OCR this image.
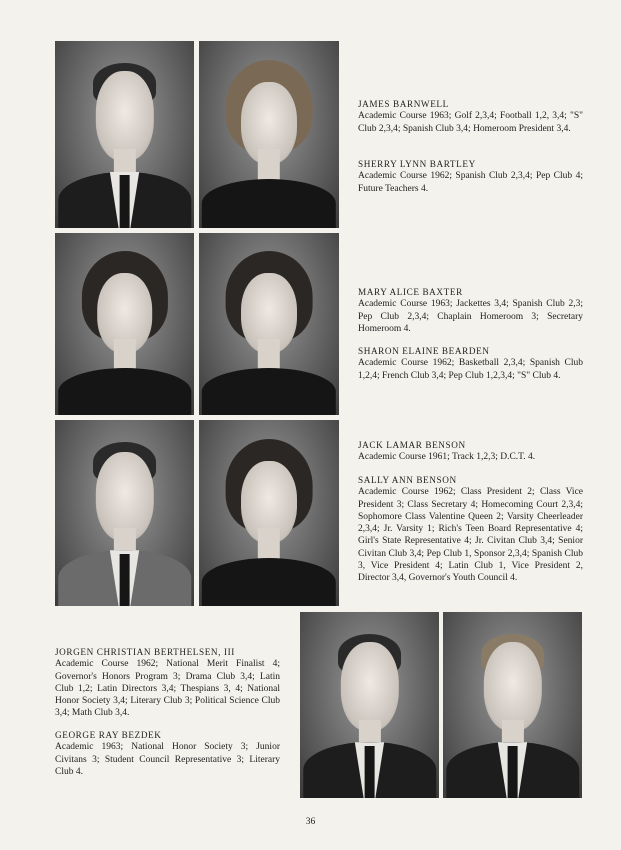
JAMES BARNWELL
Academic Course 1963; Golf 2,3,4; Football 1,2, 3,4; "S" Club 2,3,4; Spanish Club 3,4; Homeroom President 3,4.
SHERRY LYNN BARTLEY
Academic Course 1962; Spanish Club 2,3,4; Pep Club 4; Future Teachers 4.
MARY ALICE BAXTER
Academic Course 1963; Jackettes 3,4; Spanish Club 2,3; Pep Club 2,3,4; Chaplain Homeroom 3; Secretary Homeroom 4.
SHARON ELAINE BEARDEN
Academic Course 1962; Basketball 2,3,4; Spanish Club 1,2,4; French Club 3,4; Pep Club 1,2,3,4; "S" Club 4.
JACK LAMAR BENSON
Academic Course 1961; Track 1,2,3; D.C.T. 4.
SALLY ANN BENSON
Academic Course 1962; Class President 2; Class Vice President 3; Class Secretary 4; Homecoming Court 2,3,4; Sophomore Class Valentine Queen 2; Varsity Cheerleader 2,3,4; Jr. Varsity 1; Rich's Teen Board Representative 4; Girl's State Representative 4; Jr. Civitan Club 3,4; Senior Civitan Club 3,4; Pep Club 1, Sponsor 2,3,4; Spanish Club 3, Vice President 4; Latin Club 1, Vice President 2, Director 3,4, Governor's Youth Council 4.
JORGEN CHRISTIAN BERTHELSEN, III
Academic Course 1962; National Merit Finalist 4; Governor's Honors Program 3; Drama Club 3,4; Latin Club 1,2; Latin Directors 3,4; Thespians 3, 4; National Honor Society 3,4; Literary Club 3; Political Science Club 3,4; Math Club 3,4.
GEORGE RAY BEZDEK
Academic 1963; National Honor Society 3; Junior Civitans 3; Student Council Representative 3; Literary Club 4.
36
